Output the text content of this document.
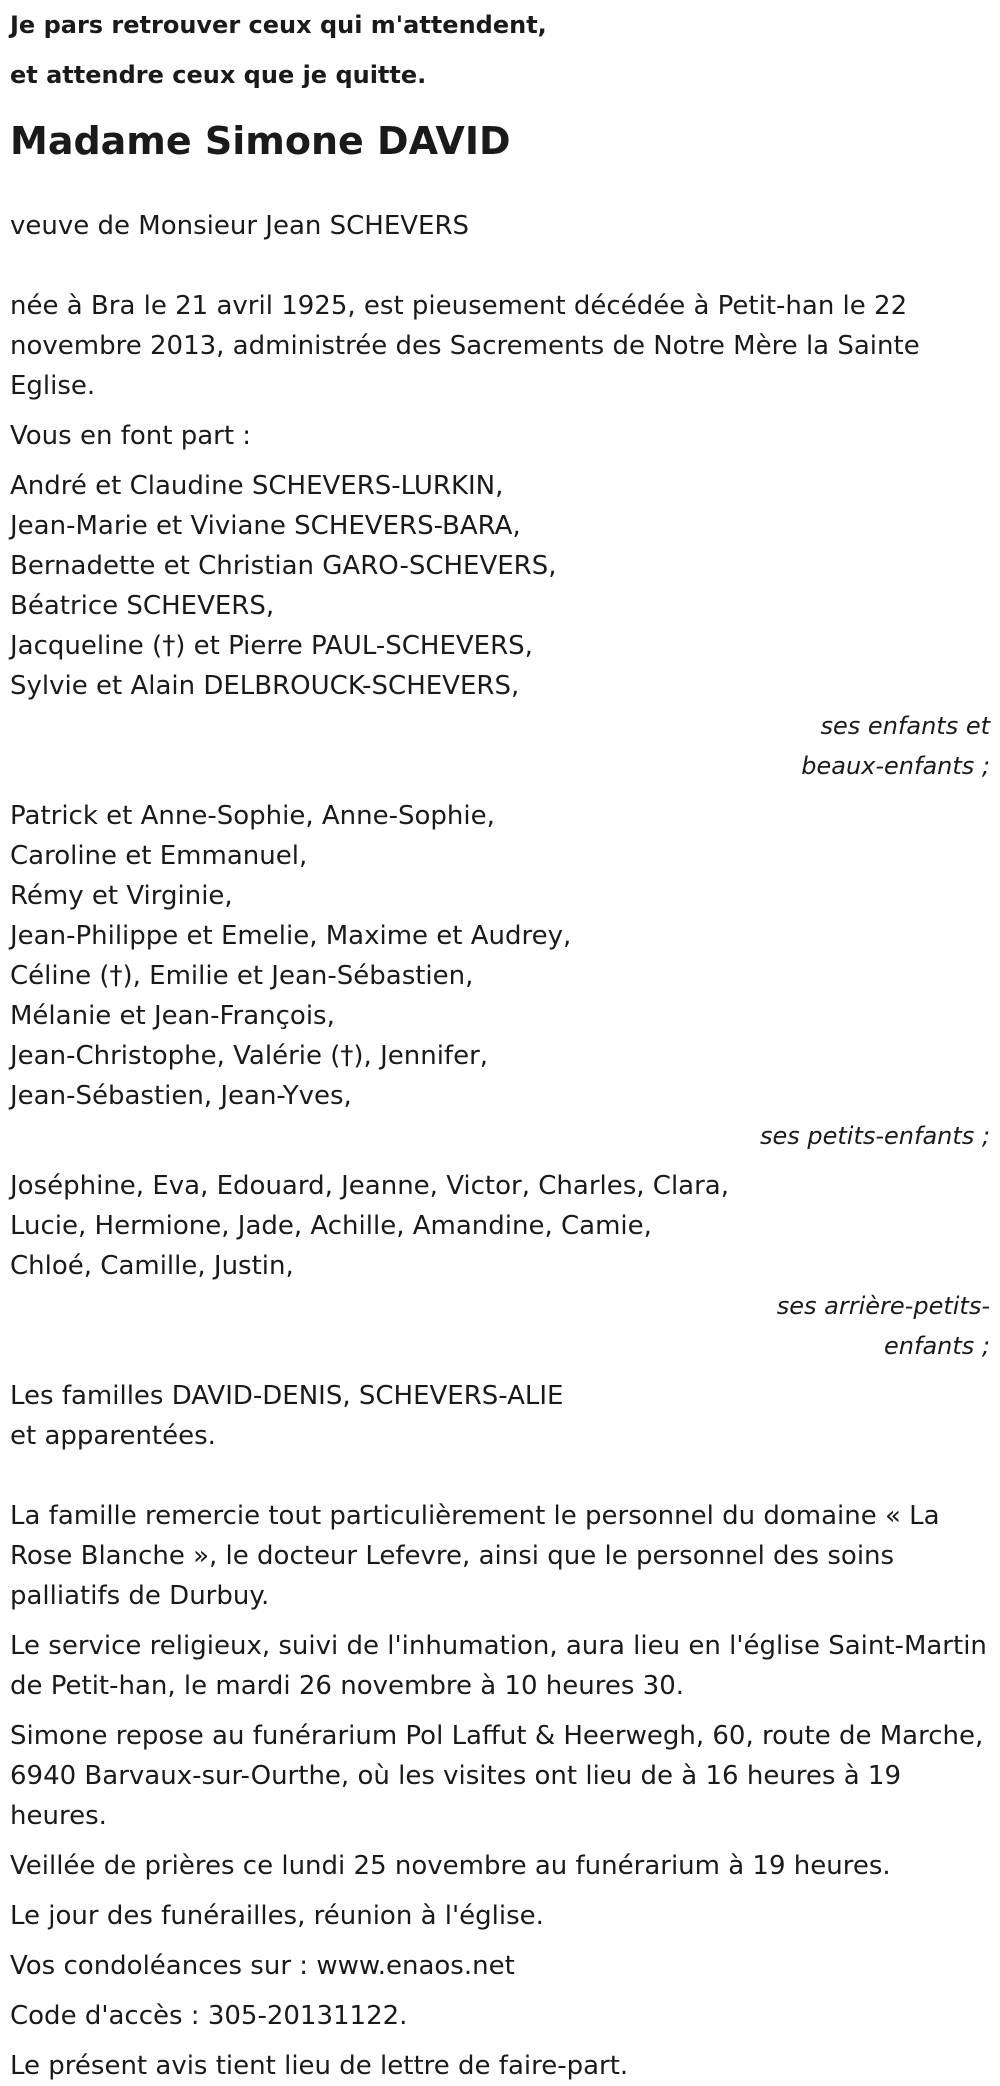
Je pars retrouver ceux qui m'attendent,
et attendre ceux que je quitte.
Madame Simone DAVID

veuve de Monsieur Jean SCHEVERS

née à Bra le 21 avril 1925, est pieusement décédée à Petit-han le 22 novembre 2013, administrée des Sacrements de Notre Mère la Sainte Eglise.

Vous en font part :

André et Claudine SCHEVERS-LURKIN,
Jean-Marie et Viviane SCHEVERS-BARA,
Bernadette et Christian GARO-SCHEVERS,
Béatrice SCHEVERS,
Jacqueline (†) et Pierre PAUL-SCHEVERS,
Sylvie et Alain DELBROUCK-SCHEVERS,
ses enfants et
beaux-enfants ;
Patrick et Anne-Sophie, Anne-Sophie,
Caroline et Emmanuel,
Rémy et Virginie,
Jean-Philippe et Emelie, Maxime et Audrey,
Céline (†), Emilie et Jean-Sébastien,
Mélanie et Jean-François,
Jean-Christophe, Valérie (†), Jennifer,
Jean-Sébastien, Jean-Yves,
ses petits-enfants ;
Joséphine, Eva, Edouard, Jeanne, Victor, Charles, Clara,
Lucie, Hermione, Jade, Achille, Amandine, Camie,
Chloé, Camille, Justin,
ses arrière-petits-
enfants ;
Les familles DAVID-DENIS, SCHEVERS-ALIE
et apparentées.

La famille remercie tout particulièrement le personnel du domaine « La Rose Blanche », le docteur Lefevre, ainsi que le personnel des soins palliatifs de Durbuy.

Le service religieux, suivi de l'inhumation, aura lieu en l'église Saint-Martin de Petit-han, le mardi 26 novembre à 10 heures 30.

Simone repose au funérarium Pol Laffut & Heerwegh, 60, route de Marche, 6940 Barvaux-sur-Ourthe, où les visites ont lieu de à 16 heures à 19 heures.

Veillée de prières ce lundi 25 novembre au funérarium à 19 heures.

Le jour des funérailles, réunion à l'église.

Vos condoléances sur : www.enaos.net

Code d'accès : 305-20131122.

Le présent avis tient lieu de lettre de faire-part.
